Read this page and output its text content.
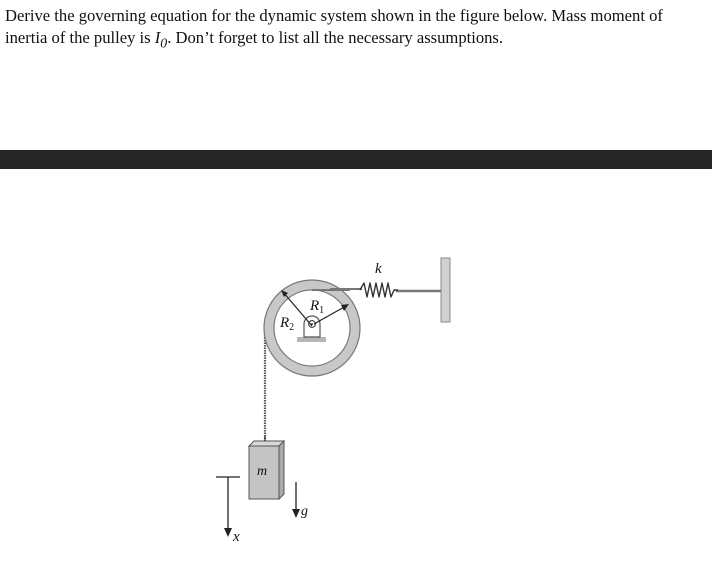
Derive the governing equation for the dynamic system shown in the figure below. Mass moment of inertia of the pulley is $I_0$. Don’t forget to list all the necessary assumptions.

k
$R_1$
$R_2$
m
g
x
